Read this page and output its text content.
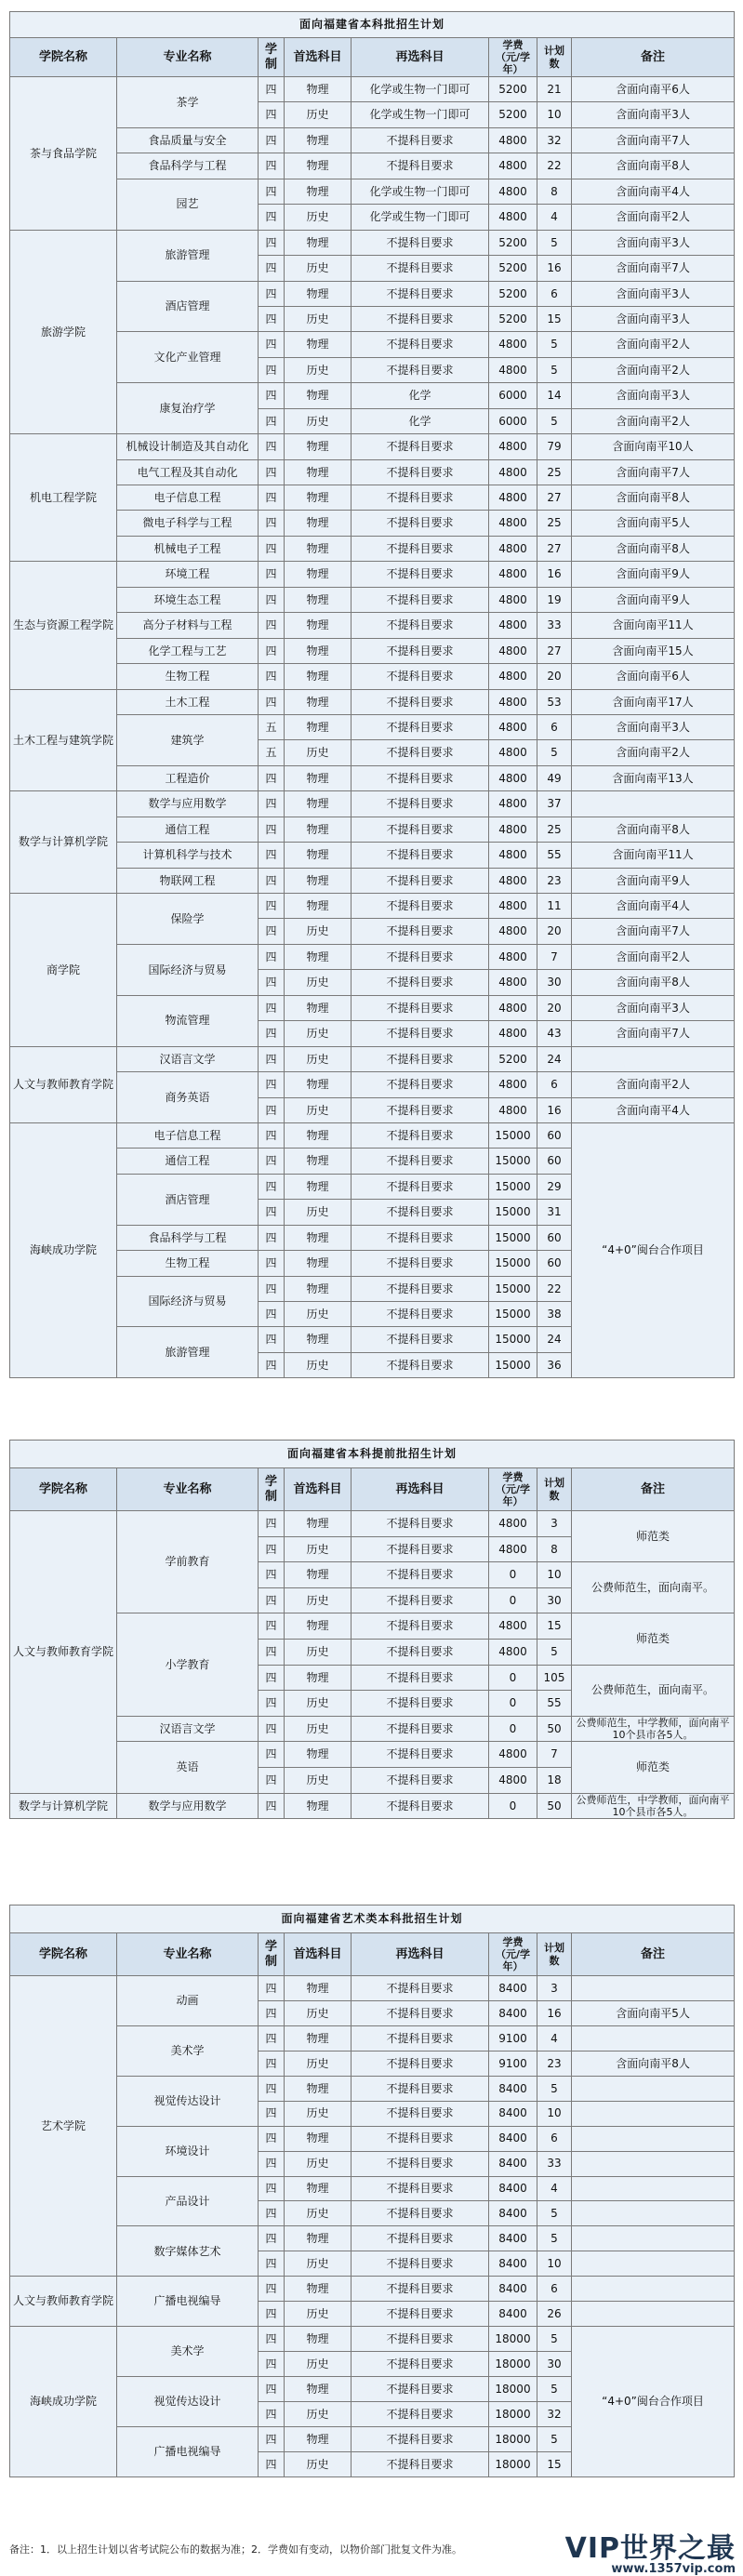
面向福建省本科批招生计划							
学院名称	专业名称	学制	首选科目	再选科目	学费（元/学年）	计划数	备注
茶与食品学院	茶学	四	物理	化学或生物一门即可	5200	21	含面向南平6人
		四	历史	化学或生物一门即可	5200	10	含面向南平3人
	食品质量与安全	四	物理	不提科目要求	4800	32	含面向南平7人
	食品科学与工程	四	物理	不提科目要求	4800	22	含面向南平8人
	园艺	四	物理	化学或生物一门即可	4800	8	含面向南平4人
		四	历史	化学或生物一门即可	4800	4	含面向南平2人
旅游学院	旅游管理	四	物理	不提科目要求	5200	5	含面向南平3人
		四	历史	不提科目要求	5200	16	含面向南平7人
	酒店管理	四	物理	不提科目要求	5200	6	含面向南平3人
		四	历史	不提科目要求	5200	15	含面向南平3人
	文化产业管理	四	物理	不提科目要求	4800	5	含面向南平2人
		四	历史	不提科目要求	4800	5	含面向南平2人
	康复治疗学	四	物理	化学	6000	14	含面向南平3人
		四	历史	化学	6000	5	含面向南平2人
机电工程学院	机械设计制造及其自动化	四	物理	不提科目要求	4800	79	含面向南平10人
	电气工程及其自动化	四	物理	不提科目要求	4800	25	含面向南平7人
	电子信息工程	四	物理	不提科目要求	4800	27	含面向南平8人
	微电子科学与工程	四	物理	不提科目要求	4800	25	含面向南平5人
	机械电子工程	四	物理	不提科目要求	4800	27	含面向南平8人
生态与资源工程学院	环境工程	四	物理	不提科目要求	4800	16	含面向南平9人
	环境生态工程	四	物理	不提科目要求	4800	19	含面向南平9人
	高分子材料与工程	四	物理	不提科目要求	4800	33	含面向南平11人
	化学工程与工艺	四	物理	不提科目要求	4800	27	含面向南平15人
	生物工程	四	物理	不提科目要求	4800	20	含面向南平6人
土木工程与建筑学院	土木工程	四	物理	不提科目要求	4800	53	含面向南平17人
	建筑学	五	物理	不提科目要求	4800	6	含面向南平3人
		五	历史	不提科目要求	4800	5	含面向南平2人
	工程造价	四	物理	不提科目要求	4800	49	含面向南平13人
数学与计算机学院	数学与应用数学	四	物理	不提科目要求	4800	37	
	通信工程	四	物理	不提科目要求	4800	25	含面向南平8人
	计算机科学与技术	四	物理	不提科目要求	4800	55	含面向南平11人
	物联网工程	四	物理	不提科目要求	4800	23	含面向南平9人
商学院	保险学	四	物理	不提科目要求	4800	11	含面向南平4人
		四	历史	不提科目要求	4800	20	含面向南平7人
	国际经济与贸易	四	物理	不提科目要求	4800	7	含面向南平2人
		四	历史	不提科目要求	4800	30	含面向南平8人
	物流管理	四	物理	不提科目要求	4800	20	含面向南平3人
		四	历史	不提科目要求	4800	43	含面向南平7人
人文与教师教育学院	汉语言文学	四	历史	不提科目要求	5200	24	
	商务英语	四	物理	不提科目要求	4800	6	含面向南平2人
		四	历史	不提科目要求	4800	16	含面向南平4人
海峡成功学院	电子信息工程	四	物理	不提科目要求	15000	60	“4+0”闽台合作项目
	通信工程	四	物理	不提科目要求	15000	60	
	酒店管理	四	物理	不提科目要求	15000	29	
		四	历史	不提科目要求	15000	31	
	食品科学与工程	四	物理	不提科目要求	15000	60	
	生物工程	四	物理	不提科目要求	15000	60	
	国际经济与贸易	四	物理	不提科目要求	15000	22	
		四	历史	不提科目要求	15000	38	
	旅游管理	四	物理	不提科目要求	15000	24	
		四	历史	不提科目要求	15000	36	
面向福建省本科提前批招生计划							
学院名称	专业名称	学制	首选科目	再选科目	学费（元/学年）	计划数	备注
人文与教师教育学院	学前教育	四	物理	不提科目要求	4800	3	师范类
		四	历史	不提科目要求	4800	8	
		四	物理	不提科目要求	0	10	公费师范生，面向南平。
		四	历史	不提科目要求	0	30	
	小学教育	四	物理	不提科目要求	4800	15	师范类
		四	历史	不提科目要求	4800	5	
		四	物理	不提科目要求	0	105	公费师范生，面向南平。
		四	历史	不提科目要求	0	55	
	汉语言文学	四	历史	不提科目要求	0	50	公费师范生，中学教师，面向南平10个县市各5人。
	英语	四	物理	不提科目要求	4800	7	师范类
		四	历史	不提科目要求	4800	18	
数学与计算机学院	数学与应用数学	四	物理	不提科目要求	0	50	公费师范生，中学教师，面向南平10个县市各5人。
面向福建省艺术类本科批招生计划							
学院名称	专业名称	学制	首选科目	再选科目	学费（元/学年）	计划数	备注
艺术学院	动画	四	物理	不提科目要求	8400	3	
		四	历史	不提科目要求	8400	16	含面向南平5人
	美术学	四	物理	不提科目要求	9100	4	
		四	历史	不提科目要求	9100	23	含面向南平8人
	视觉传达设计	四	物理	不提科目要求	8400	5	
		四	历史	不提科目要求	8400	10	
	环境设计	四	物理	不提科目要求	8400	6	
		四	历史	不提科目要求	8400	33	
	产品设计	四	物理	不提科目要求	8400	4	
		四	历史	不提科目要求	8400	5	
	数字媒体艺术	四	物理	不提科目要求	8400	5	
		四	历史	不提科目要求	8400	10	
人文与教师教育学院	广播电视编导	四	物理	不提科目要求	8400	6	
		四	历史	不提科目要求	8400	26	
海峡成功学院	美术学	四	物理	不提科目要求	18000	5	“4+0”闽台合作项目
		四	历史	不提科目要求	18000	30	
	视觉传达设计	四	物理	不提科目要求	18000	5	
		四	历史	不提科目要求	18000	32	
	广播电视编导	四	物理	不提科目要求	18000	5	
		四	历史	不提科目要求	18000	15	
备注：1．以上招生计划以省考试院公布的数据为准；2．学费如有变动，以物价部门批复文件为准。	VIP世界之最
www.1357vip.com
